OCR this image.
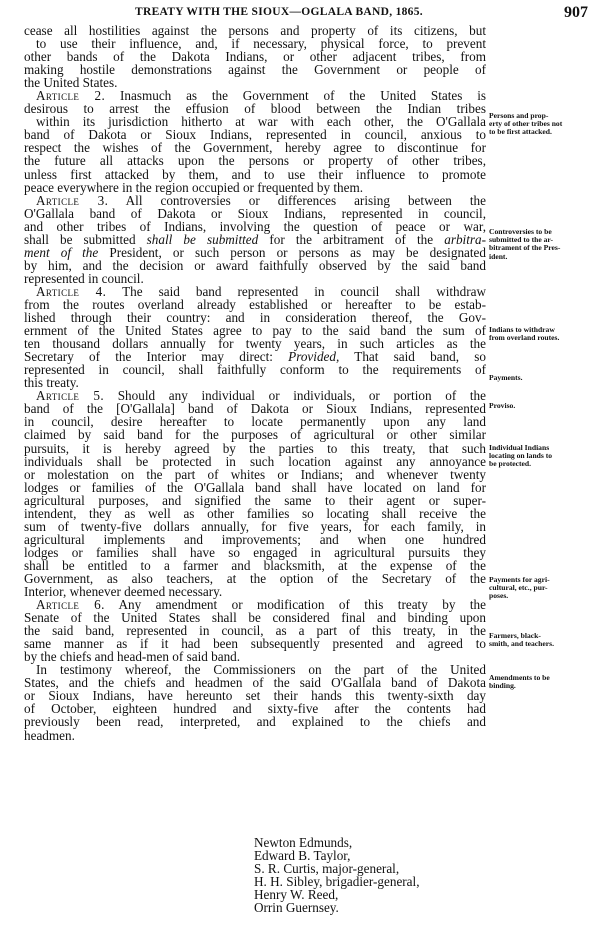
TREATY WITH THE SIOUX—OGLALA BAND, 1865.	907
cease all hostilities against the persons and property of its citizens, but
to use their influence, and, if necessary, physical force, to prevent
other bands of the Dakota Indians, or other adjacent tribes, from
making hostile demonstrations against the Government or people of
the United States.
Article 2. Inasmuch as the Government of the United States is
desirous to arrest the effusion of blood between the Indian tribes
within its jurisdiction hitherto at war with each other, the O'Gallala
band of Dakota or Sioux Indians, represented in council, anxious to
respect the wishes of the Government, hereby agree to discontinue for
the future all attacks upon the persons or property of other tribes,
unless first attacked by them, and to use their influence to promote
peace everywhere in the region occupied or frequented by them.
Article 3. All controversies or differences arising between the
O'Gallala band of Dakota or Sioux Indians, represented in council,
and other tribes of Indians, involving the question of peace or war,
shall be submitted shall be submitted for the arbitrament of the arbitra-
ment of the President, or such person or persons as may be designated
by him, and the decision or award faithfully observed by the said band
represented in council.
Article 4. The said band represented in council shall withdraw
from the routes overland already established or hereafter to be estab-
lished through their country: and in consideration thereof, the Gov-
ernment of the United States agree to pay to the said band the sum of
ten thousand dollars annually for twenty years, in such articles as the
Secretary of the Interior may direct: Provided, That said band, so
represented in council, shall faithfully conform to the requirements of
this treaty.
Article 5. Should any individual or individuals, or portion of the
band of the [O'Gallala] band of Dakota or Sioux Indians, represented
in council, desire hereafter to locate permanently upon any land
claimed by said band for the purposes of agricultural or other similar
pursuits, it is hereby agreed by the parties to this treaty, that such
individuals shall be protected in such location against any annoyance
or molestation on the part of whites or Indians; and whenever twenty
lodges or families of the O'Gallala band shall have located on land for
agricultural purposes, and signified the same to their agent or super-
intendent, they as well as other families so locating shall receive the
sum of twenty-five dollars annually, for five years, for each family, in
agricultural implements and improvements; and when one hundred
lodges or families shall have so engaged in agricultural pursuits they
shall be entitled to a farmer and blacksmith, at the expense of the
Government, as also teachers, at the option of the Secretary of the
Interior, whenever deemed necessary.
Article 6. Any amendment or modification of this treaty by the
Senate of the United States shall be considered final and binding upon
the said band, represented in council, as a part of this treaty, in the
same manner as if it had been subsequently presented and agreed to
by the chiefs and head-men of said band.
In testimony whereof, the Commissioners on the part of the United
States, and the chiefs and headmen of the said O'Gallala band of Dakota
or Sioux Indians, have hereunto set their hands this twenty-sixth day
of October, eighteen hundred and sixty-five after the contents had
previously been read, interpreted, and explained to the chiefs and
headmen.
Newton Edmunds,
Edward B. Taylor,
S. R. Curtis, major-general,
H. H. Sibley, brigadier-general,
Henry W. Reed,
Orrin Guernsey.
Persons and prop-
erty of other tribes not
to be first attacked.
Controversies to be
submitted to the ar-
bitrament of the Pres-
ident.
Indians to withdraw
from overland routes.
Payments.
Proviso.
Individual Indians
locating on lands to
be protected.
Payments for agri-
cultural, etc., pur-
poses.
Farmers, black-
smith, and teachers.
Amendments to be
binding.
